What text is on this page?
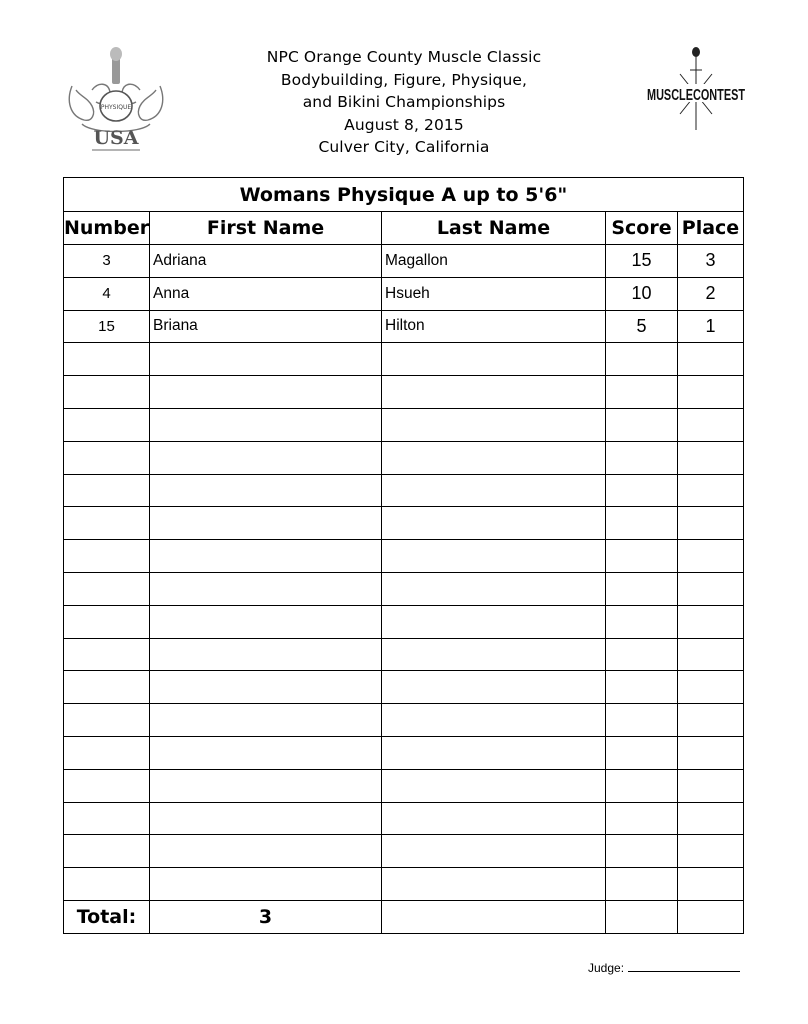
PHYSIQUE
USA
MUSCLECONTEST
NPC Orange County Muscle Classic
Bodybuilding, Figure, Physique,
and Bikini Championships
August 8, 2015
Culver City, California
Womans Physique A up to 5'6"				
Number	First Name	Last Name	Score	Place
3	Adriana	Magallon	15	3
4	Anna	Hsueh	10	2
15	Briana	Hilton	5	1

Total:	3			
Judge:
